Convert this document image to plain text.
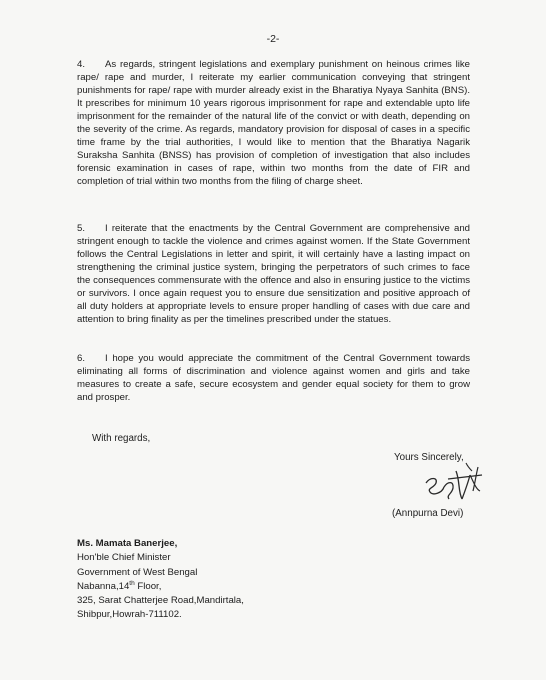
-2-

4. As regards, stringent legislations and exemplary punishment on heinous crimes like rape/ rape and murder, I reiterate my earlier communication conveying that stringent punishments for rape/ rape with murder already exist in the Bharatiya Nyaya Sanhita (BNS). It prescribes for minimum 10 years rigorous imprisonment for rape and extendable upto life imprisonment for the remainder of the natural life of the convict or with death, depending on the severity of the crime. As regards, mandatory provision for disposal of cases in a specific time frame by the trial authorities, I would like to mention that the Bharatiya Nagarik Suraksha Sanhita (BNSS) has provision of completion of investigation that also includes forensic examination in cases of rape, within two months from the date of FIR and completion of trial within two months from the filing of charge sheet.

5. I reiterate that the enactments by the Central Government are comprehensive and stringent enough to tackle the violence and crimes against women. If the State Government follows the Central Legislations in letter and spirit, it will certainly have a lasting impact on strengthening the criminal justice system, bringing the perpetrators of such crimes to face the consequences commensurate with the offence and also in ensuring justice to the victims or survivors. I once again request you to ensure due sensitization and positive approach of all duty holders at appropriate levels to ensure proper handling of cases with due care and attention to bring finality as per the timelines prescribed under the statues.

6. I hope you would appreciate the commitment of the Central Government towards eliminating all forms of discrimination and violence against women and girls and take measures to create a safe, secure ecosystem and gender equal society for them to grow and prosper.

With regards,
Yours Sincerely,
(Annpurna Devi)
Ms. Mamata Banerjee,
Hon'ble Chief Minister
Government of West Bengal
Nabanna,14th Floor,
325, Sarat Chatterjee Road,Mandirtala,
Shibpur,Howrah-711102.
